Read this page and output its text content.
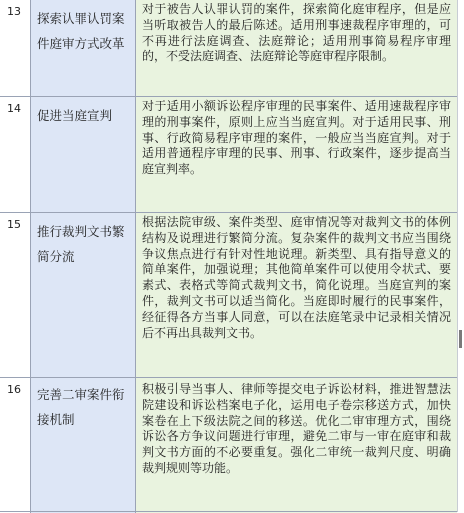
13 探索认罪认罚案
件庭审方式改革
对于被告人认罪认罚的案件，探索简化庭审程序，但是应当听取被告人的最后陈述。适用刑事速裁程序审理的，可不再进行法庭调查、法庭辩论；适用刑事简易程序审理的，不受法庭调查、法庭辩论等庭审程序限制。
14 促进当庭宣判
对于适用小额诉讼程序审理的民事案件、适用速裁程序审理的刑事案件，原则上应当当庭宣判。对于适用民事、刑事、行政简易程序审理的案件，一般应当当庭宣判。对于适用普通程序审理的民事、刑事、行政案件，逐步提高当庭宣判率。
15 推行裁判文书繁
简分流
根据法院审级、案件类型、庭审情况等对裁判文书的体例结构及说理进行繁简分流。复杂案件的裁判文书应当围绕争议焦点进行有针对性地说理。新类型、具有指导意义的简单案件，加强说理；其他简单案件可以使用令状式、要素式、表格式等简式裁判文书，简化说理。当庭宣判的案件，裁判文书可以适当简化。当庭即时履行的民事案件，经征得各方当事人同意，可以在法庭笔录中记录相关情况后不再出具裁判文书。
16 完善二审案件衔
接机制
积极引导当事人、律师等提交电子诉讼材料，推进智慧法院建设和诉讼档案电子化，运用电子卷宗移送方式，加快案卷在上下级法院之间的移送。优化二审审理方式，围绕诉讼各方争议问题进行审理，避免二审与一审在庭审和裁判文书方面的不必要重复。强化二审统一裁判尺度、明确裁判规则等功能。
